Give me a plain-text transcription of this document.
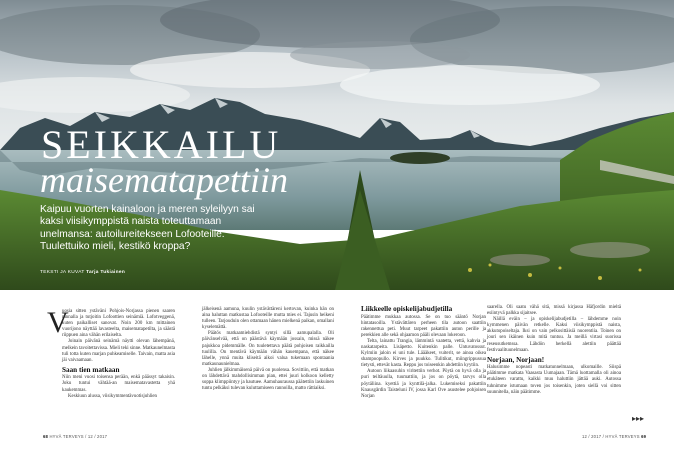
SEIKKAILU
maisematapettiin
Kaipuu vuorten kainaloon ja meren syleilyyn sai kaksi viisikymppistä naista toteuttamaan unelmansa: autoilureitekseen Lofooteille. Tuulettuiko mieli, kestikö kroppa?
TEKSTI JA KUVAT Tarja Tukiainen
V

uosia sitten ystäväni Pohjois-Norjassa pienen saaren rannalla ja tutjoitin Lofoottien seinämiä. Lofotveggenä, kuten paikalliset sanovat. Noin 200 km mittainen vuorijono näyttää lavasteelta, maisematapetilta, ja säästä riippuen aina vähän erilaiselta.

Joinain päivänä seinämä näytti olevan lähempänä, melkein tavoitettavissa. Mieli teki sinne. Matkaunelmasta tuli totta kuten marjan puhkeamiselle. Taivain, matta asia jäi vaivaamaan.

Saan tien matkaan

Niin meni vuosi toisensa perään, enkä päässyt takaisin. Joku tuntui vähtää-an maisematavastetta yhä kaukemmas.

Keskiuun alussa, viisikymmentävuotisjuhlien

jälkeisenä aamuna, kuulin ystävättäreni kertovan, kuinka hän on aina haluttan matkustaa Lofooteille mutta mies ei. Tajusin heikeni tulleen. Tarjouduin olen ottamaan hänen mielkenä paikan, omallani kyselemättä.

Päätös matkaamiehdistä syntyi sillä aamupalalla. Oli päivänselvää, että on päästävä käymään jossain, missä näkee pajukkoa pidemmälle. On tuuletettava päätä pohjoisen raikkailla tuulilla. On mentävä käymään vähän kauempana, että näkee lähelle, ynnä muita kliseitä aikoi valua tukemaan spontaania matkaunaunielmaa.

Juhlien jälkimmäisenä päivä on puolensa. Sovittiin, että matkan on lähdettävä mahdollisimman pian, ettei juuri kolkoon kelletty soppa klimppiintyy ja hautuee. Aamuhauraussa päätettiin laskuinen tuntu pelkäksi tulevan kuluttamiseen rannoilla, matto rättiaiksi.

Liikkeelle opiskelijabudjetilla

Päätimme mukkaa autossa. Se on tuo sääntö Norjan hintatasoilla. Ystävättären perheen tila autoon saattiin rakennettua peti. Muut tarpeet pakattiin auton perille ja perekkien alle sekä ohjaamon pääli olevaan lokeroon.

Telta, lainattu Trangia, lämmintä vaatetta, vettä, kahvia ja naskatarpeita. Lisäpetto. Kuitenkin palle. Untuvatossut. Kylmiin jaloin ei uni tule. Läääkeet, vuiterit, se ainoa oikea shampoopullo. Kirves ja puukko. Tulitikut, miingrippussua tietysti, ettevät kasta. Reppu jos toiseenkin ahdettiin kyytiin.

Autoon liikaasuhin viritettiin verhot. Pöytä on hyvä olla ja puri teiltäuulla, tuumattiin, ja jos on pöytä, tarvys olla pöytäliina. kyettiä ja kynttilä-jalka. Lukemiseksi pakattiin Knausgårdin Taisteluni IV, jossa Karl Ove asustelee pohjoisen Norjan

saarella. Oli saatu vähä sitä, missä kirjassa Häfjordin mieltä esiintyvä palkka sijaitsee.

Näillä eväin – ja opiskelijabudjetilla – lähdemme noin kymmenen päivän retkelle. Kaksi viisikymppistä naista, akkutopoiseltaja. Iksi on vain pelkosittäisiä nuorentiia. Toinen on jouri sen ikäinen kuin mitä tuntuu. Ja meillä virtasi suorissa reseusutkemssa. Lähdön herkellä alettiin päättää festivaalituunelmaan.

Norjaan, Norjaan!

Halusimme nopeasti matkatunnelmaan, ulkomaille. Siispä päätimme matkata Vaasasta Uumajaan. Tämä luottamalla oli ainoa etukäteen varattu, kaikki muu haluttiin jättää auki. Autossa tuhnimme istumaan toven jos toisenkin, joten siellä voi sitten suunnitella, näin päätimme.

▸▸▸
68 HYVÄ TERVEYS / 12 / 2017	12 / 2017 / HYVÄ TERVEYS 69
